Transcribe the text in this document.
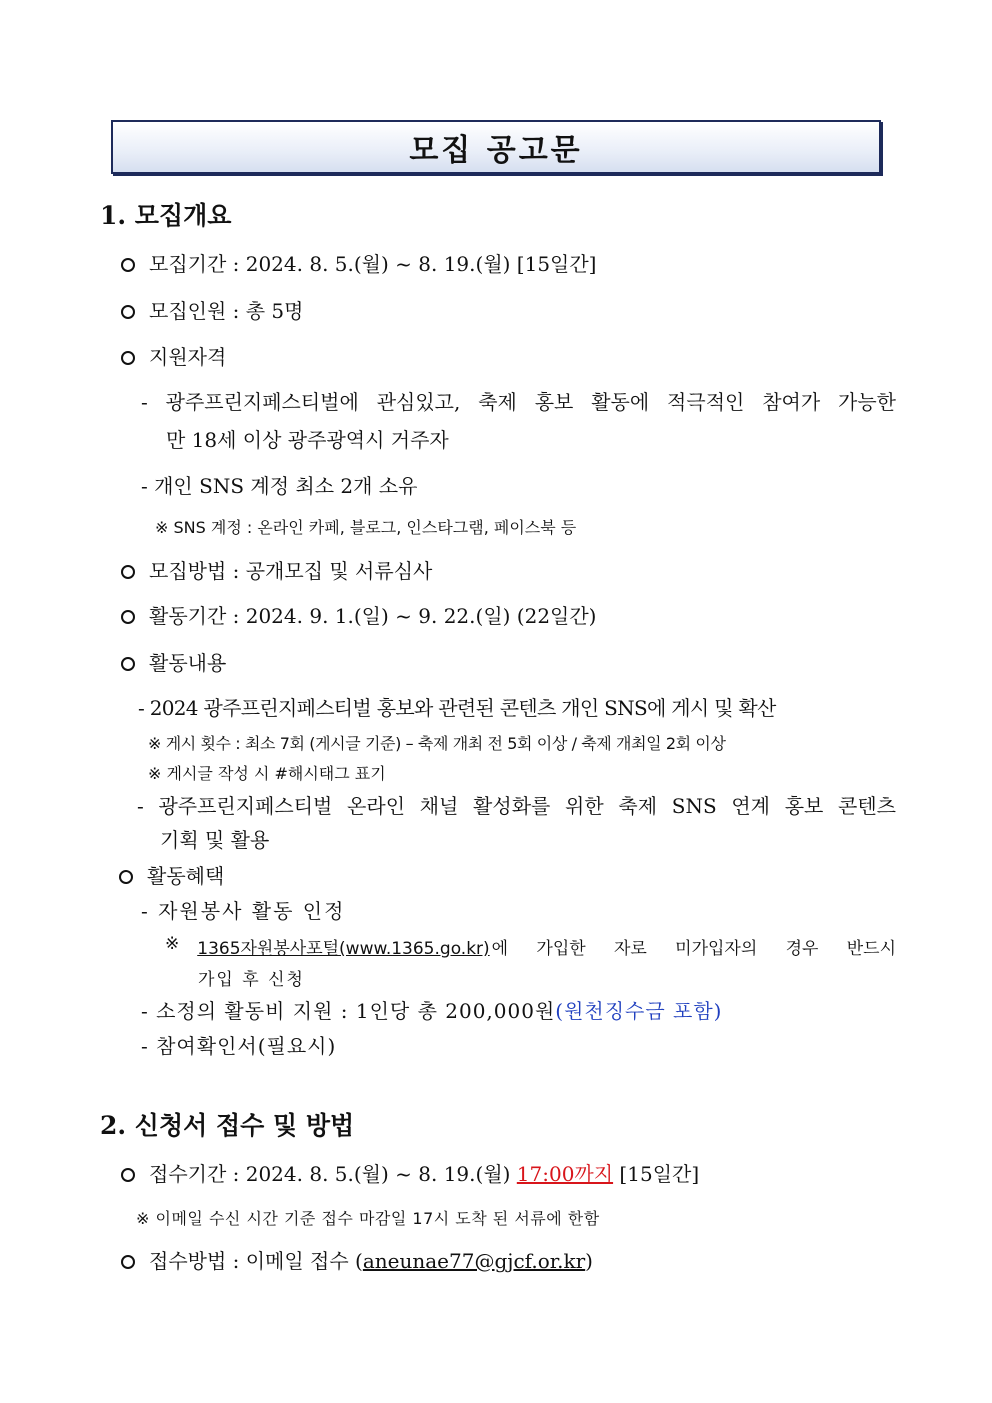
모집 공고문
1. 모집개요
모집기간 : 2024. 8. 5.(월) ~ 8. 19.(월) [15일간]
모집인원 : 총 5명
지원자격
- 광주프린지페스티벌에 관심있고, 축제 홍보 활동에 적극적인 참여가 가능한
만 18세 이상 광주광역시 거주자
- 개인 SNS 계정 최소 2개 소유
※ SNS 계정 : 온라인 카페, 블로그, 인스타그램, 페이스북 등
모집방법 : 공개모집 및 서류심사
활동기간 : 2024. 9. 1.(일) ~ 9. 22.(일) (22일간)
활동내용
- 2024 광주프린지페스티벌 홍보와 관련된 콘텐츠 개인 SNS에 게시 및 확산
※ 게시 횟수 : 최소 7회 (게시글 기준) – 축제 개최 전 5회 이상 / 축제 개최일 2회 이상
※ 게시글 작성 시 #해시태그 표기
- 광주프린지페스티벌 온라인 채널 활성화를 위한 축제 SNS 연계 홍보 콘텐츠
기획 및 활용
활동혜택
- 자원봉사 활동 인정
※ 1365자원봉사포털(www.1365.go.kr) 에 가입한 자로 미가입자의 경우 반드시
가입 후 신청
- 소정의 활동비 지원 : 1인당 총 200,000원(원천징수금 포함)
- 참여확인서(필요시)
2. 신청서 접수 및 방법
접수기간 : 2024. 8. 5.(월) ~ 8. 19.(월) 17:00까지 [15일간]
※ 이메일 수신 시간 기준 접수 마감일 17시 도착 된 서류에 한함
접수방법 : 이메일 접수 (aneunae77@gjcf.or.kr)
